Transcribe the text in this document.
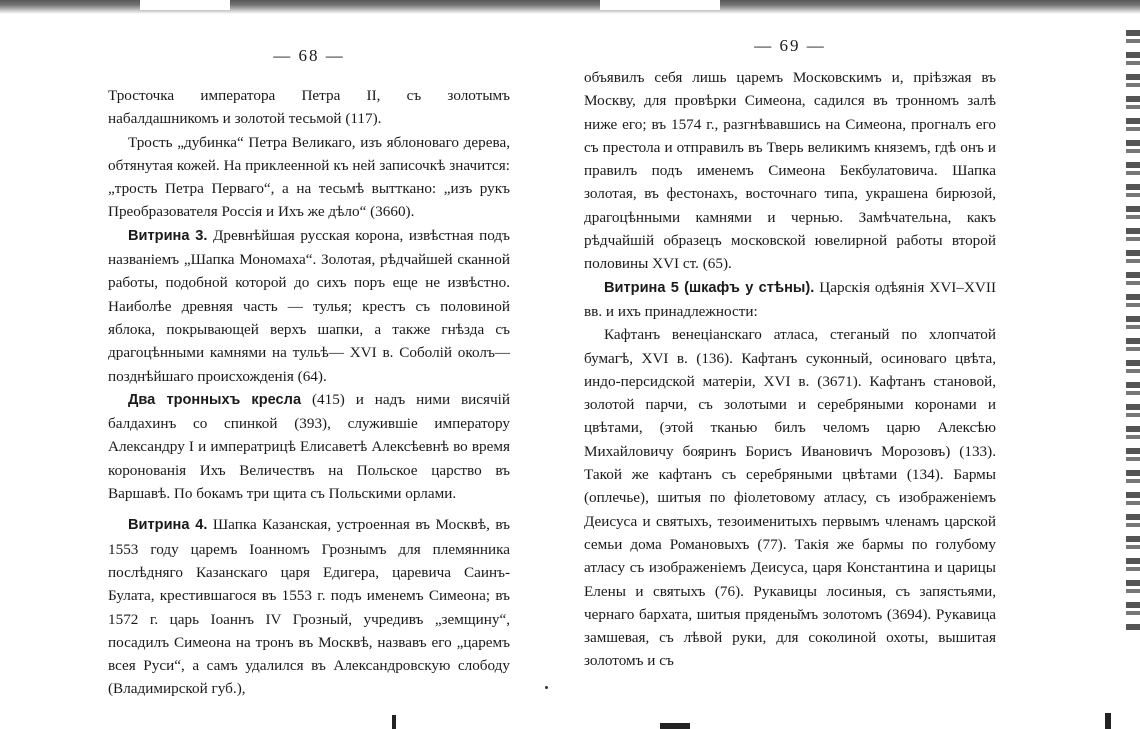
— 68 —

Тросточка императора Петра II, съ золотымъ набалдашникомъ и золотой тесьмой (117).

Трость „дубинка“ Петра Великаго, изъ яблоноваго дерева, обтянутая кожей. На приклеенной къ ней записочкѣ значится: „трость Петра Перваго“, а на тесьмѣ вытткано: „изъ рукъ Преобразователя Россiя и Ихъ же дѣло“ (3660).

Витрина 3. Древнѣйшая русская корона, извѣстная подъ названiемъ „Шапка Мономаха“. Золотая, рѣдчайшей сканной работы, подобной которой до сихъ поръ еще не извѣстно. Наиболѣе древняя часть — тулья; крестъ съ половиной яблока, покрывающей верхъ шапки, а также гнѣзда съ драгоцѣнными камнями на тульѣ— XVI в. Соболiй околъ—позднѣйшаго происхожденiя (64).

Два тронныхъ кресла (415) и надъ ними висячiй балдахинъ со спинкой (393), служившiе императору Александру I и императрицѣ Елисаветѣ Алексѣевнѣ во время коронованiя Ихъ Величествъ на Польское царство въ Варшавѣ. По бокамъ три щита съ Польскими орлами.

Витрина 4. Шапка Казанская, устроенная въ Москвѣ, въ 1553 году царемъ Iоанномъ Грознымъ для племянника послѣдняго Казанскаго царя Едигера, царевича Саинъ-Булата, крестившагося въ 1553 г. подъ именемъ Симеона; въ 1572 г. царь Iоаннъ IV Грозный, учредивъ „земщину“, посадилъ Симеона на тронъ въ Москвѣ, назвавъ его „царемъ всея Руси“, а самъ удалился въ Александровскую слободу (Владимирской губ.),

— 69 —

объявилъ себя лишь царемъ Московскимъ и, прiѣзжая въ Москву, для провѣрки Симеона, садился въ тронномъ залѣ ниже его; въ 1574 г., разгнѣвавшись на Симеона, прогналъ его съ престола и отправилъ въ Тверь великимъ княземъ, гдѣ онъ и правилъ подъ именемъ Симеона Бекбулатовича. Шапка золотая, въ фестонахъ, восточнаго типа, украшена бирюзой, драгоцѣнными камнями и чернью. Замѣчательна, какъ рѣдчайшiй образецъ московской ювелирной работы второй половины XVI ст. (65).

Витрина 5 (шкафъ у стѣны). Царскiя одѣянiя XVI–XVII вв. и ихъ принадлежности:

Кафтанъ венецiанскаго атласа, стеганый по хлопчатой бумагѣ, XVI в. (136). Кафтанъ суконный, осиноваго цвѣта, индо-персидской матерiи, XVI в. (3671). Кафтанъ становой, золотой парчи, съ золотыми и серебряными коронами и цвѣтами, (этой тканью билъ челомъ царю Алексѣю Михайловичу бояринъ Борисъ Ивановичъ Морозовъ) (133). Такой же кафтанъ съ серебряными цвѣтами (134). Бармы (оплечье), шитыя по фiолетовому атласу, съ изображенiемъ Деисуса и святыхъ, тезоименитыхъ первымъ членамъ царской семьи дома Романовыхъ (77). Такiя же бармы по голубому атласу съ изображенiемъ Деисуса, царя Константина и царицы Елены и святыхъ (76). Рукавицы лосиныя, съ запястьями, чернаго бархата, шитыя прядены̆мъ золотомъ (3694). Рукавица замшевая, съ лѣвой руки, для соколиной охоты, вышитая золотомъ и съ
